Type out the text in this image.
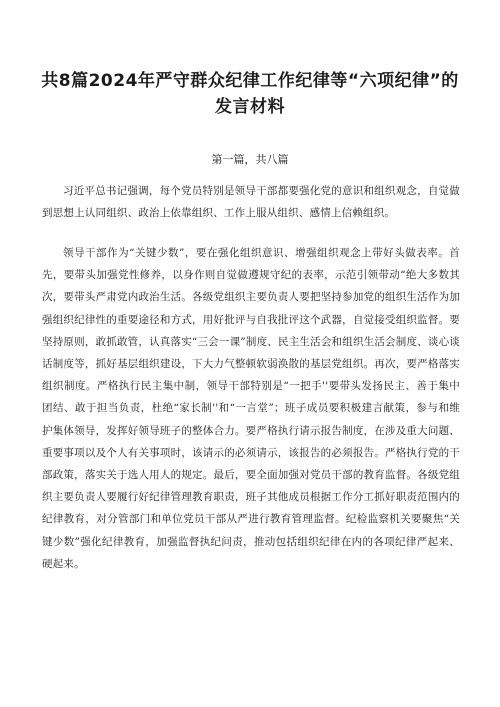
共8篇2024年严守群众纪律工作纪律等“六项纪律”的发言材料

第一篇，共八篇

习近平总书记强调，每个党员特别是领导干部都要强化党的意识和组织观念，自觉做到思想上认同组织、政治上依靠组织、工作上服从组织、感情上信赖组织。

领导干部作为“关键少数”，要在强化组织意识、增强组织观念上带好头做表率。首先，要带头加强党性修养，以身作则自觉做遵规守纪的表率，示范引领带动“绝大多数其次，要带头严肃党内政治生活。各级党组织主要负责人要把坚持参加党的组织生活作为加强组织纪律性的重要途径和方式，用好批评与自我批评这个武器，自觉接受组织监督。要坚持原则，敢抓敢管，认真落实“三会一课”制度、民主生活会和组织生活会制度、谈心谈话制度等，抓好基层组织建设，下大力气整顿软弱涣散的基层党组织。再次，要严格落实组织制度。严格执行民主集中制，领导干部特别是“一把手''要带头发扬民主、善于集中团结、敢于担当负责，杜绝“家长制''和“一言堂”；班子成员要积极建言献策，参与和维护集体领导，发挥好领导班子的整体合力。要严格执行请示报告制度，在涉及重大问题、重要事项以及个人有关事项时，该请示的必须请示，该报告的必须报告。严格执行党的干部政策，落实关于选人用人的规定。最后，要全面加强对党员干部的教育监督。各级党组织主要负责人要履行好纪律管理教育职责，班子其他成员根据工作分工抓好职责范围内的纪律教育，对分管部门和单位党员干部从严进行教育管理监督。纪检监察机关要聚焦“关键少数”强化纪律教育，加强监督执纪问责，推动包括组织纪律在内的各项纪律严起来、硬起来。
